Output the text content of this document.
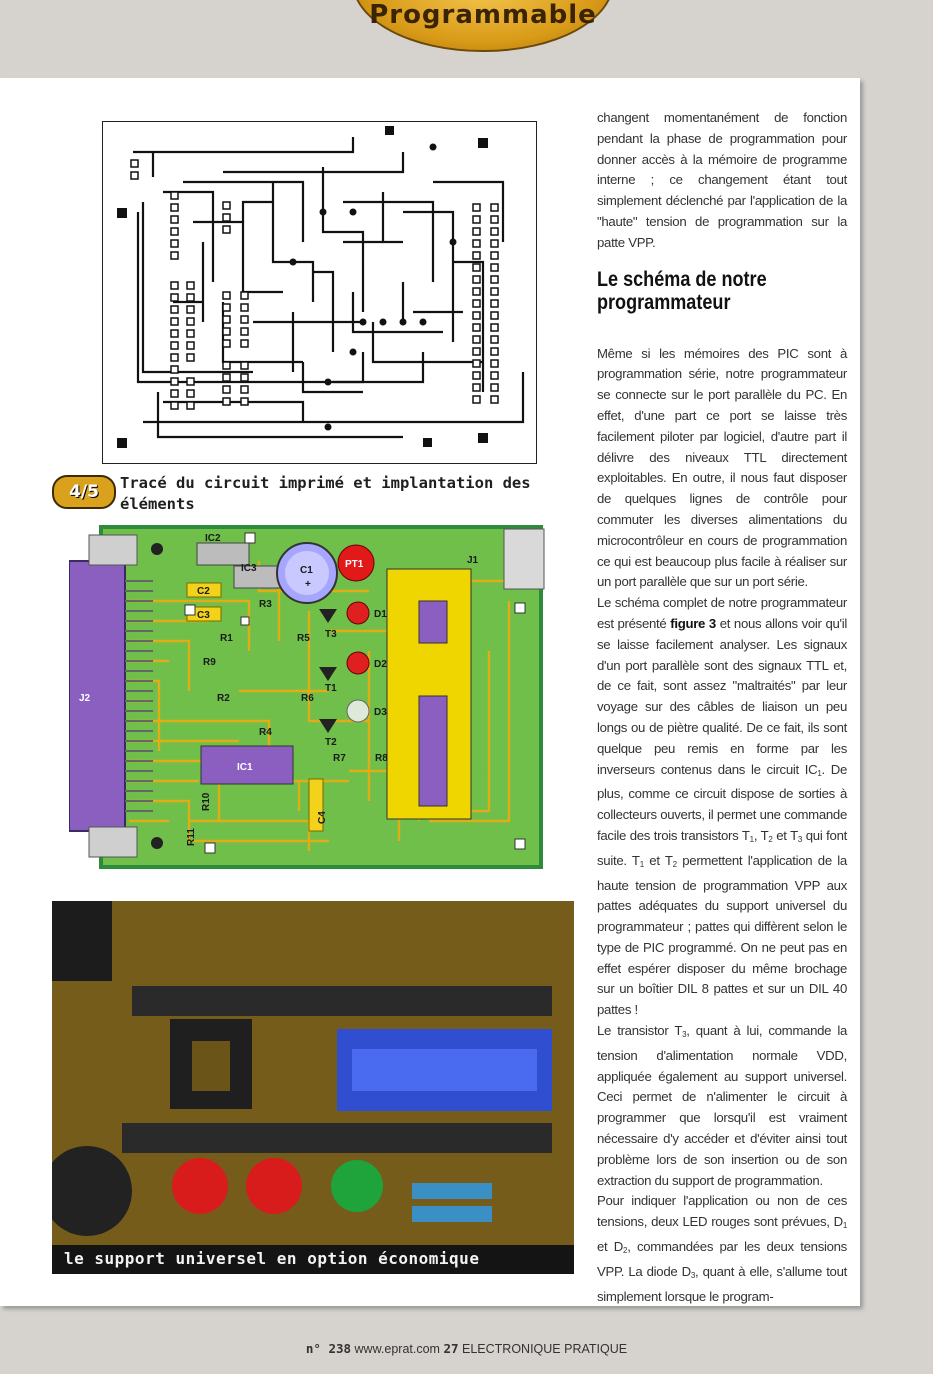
Programmable
4/5	Tracé du circuit imprimé et implantation des éléments
IC2
IC3
IC1
C1
+
PT1	J1
J2
C2
C3
C4
R1
R2
R3
R4
R5
R6
R7	R8
R9
R10
R11
T1
T2
T3
D1
D2
D3
le support universel en option économique

changent momentanément de fonction pendant la phase de programmation pour donner accès à la mémoire de programme interne ; ce changement étant tout simplement déclenché par l'application de la "haute" tension de programmation sur la patte VPP.

Le schéma de notre programmateur

Même si les mémoires des PIC sont à programmation série, notre programmateur se connecte sur le port parallèle du PC. En effet, d'une part ce port se laisse très facilement piloter par logiciel, d'autre part il délivre des niveaux TTL directement exploitables. En outre, il nous faut disposer de quelques lignes de contrôle pour commuter les diverses alimentations du microcontrôleur en cours de programmation ce qui est beaucoup plus facile à réaliser sur un port parallèle que sur un port série.

Le schéma complet de notre programmateur est présenté figure 3 et nous allons voir qu'il se laisse facilement analyser. Les signaux d'un port parallèle sont des signaux TTL et, de ce fait, sont assez "maltraités" par leur voyage sur des câbles de liaison un peu longs ou de piètre qualité. De ce fait, ils sont quelque peu remis en forme par les inverseurs contenus dans le circuit $IC_1$. De plus, comme ce circuit dispose de sorties à collecteurs ouverts, il permet une commande facile des trois transistors $T_1$, $T_2$ et $T_3$ qui font suite. $T_1$ et $T_2$ permettent l'application de la haute tension de programmation VPP aux pattes adéquates du support universel du programmateur ; pattes qui diffèrent selon le type de PIC programmé. On ne peut pas en effet espérer disposer du même brochage sur un boîtier DIL 8 pattes et sur un DIL 40 pattes !

Le transistor $T_3$, quant à lui, commande la tension d'alimentation normale VDD, appliquée également au support universel. Ceci permet de n'alimenter le circuit à programmer que lorsqu'il est vraiment nécessaire d'y accéder et d'éviter ainsi tout problème lors de son insertion ou de son extraction du support de programmation.

Pour indiquer l'application ou non de ces tensions, deux LED rouges sont prévues, $D_1$ et $D_2$, commandées par les deux tensions VPP. La diode $D_3$, quant à elle, s'allume tout simplement lorsque le program-

n° 238 www.eprat.com 27 ELECTRONIQUE PRATIQUE
